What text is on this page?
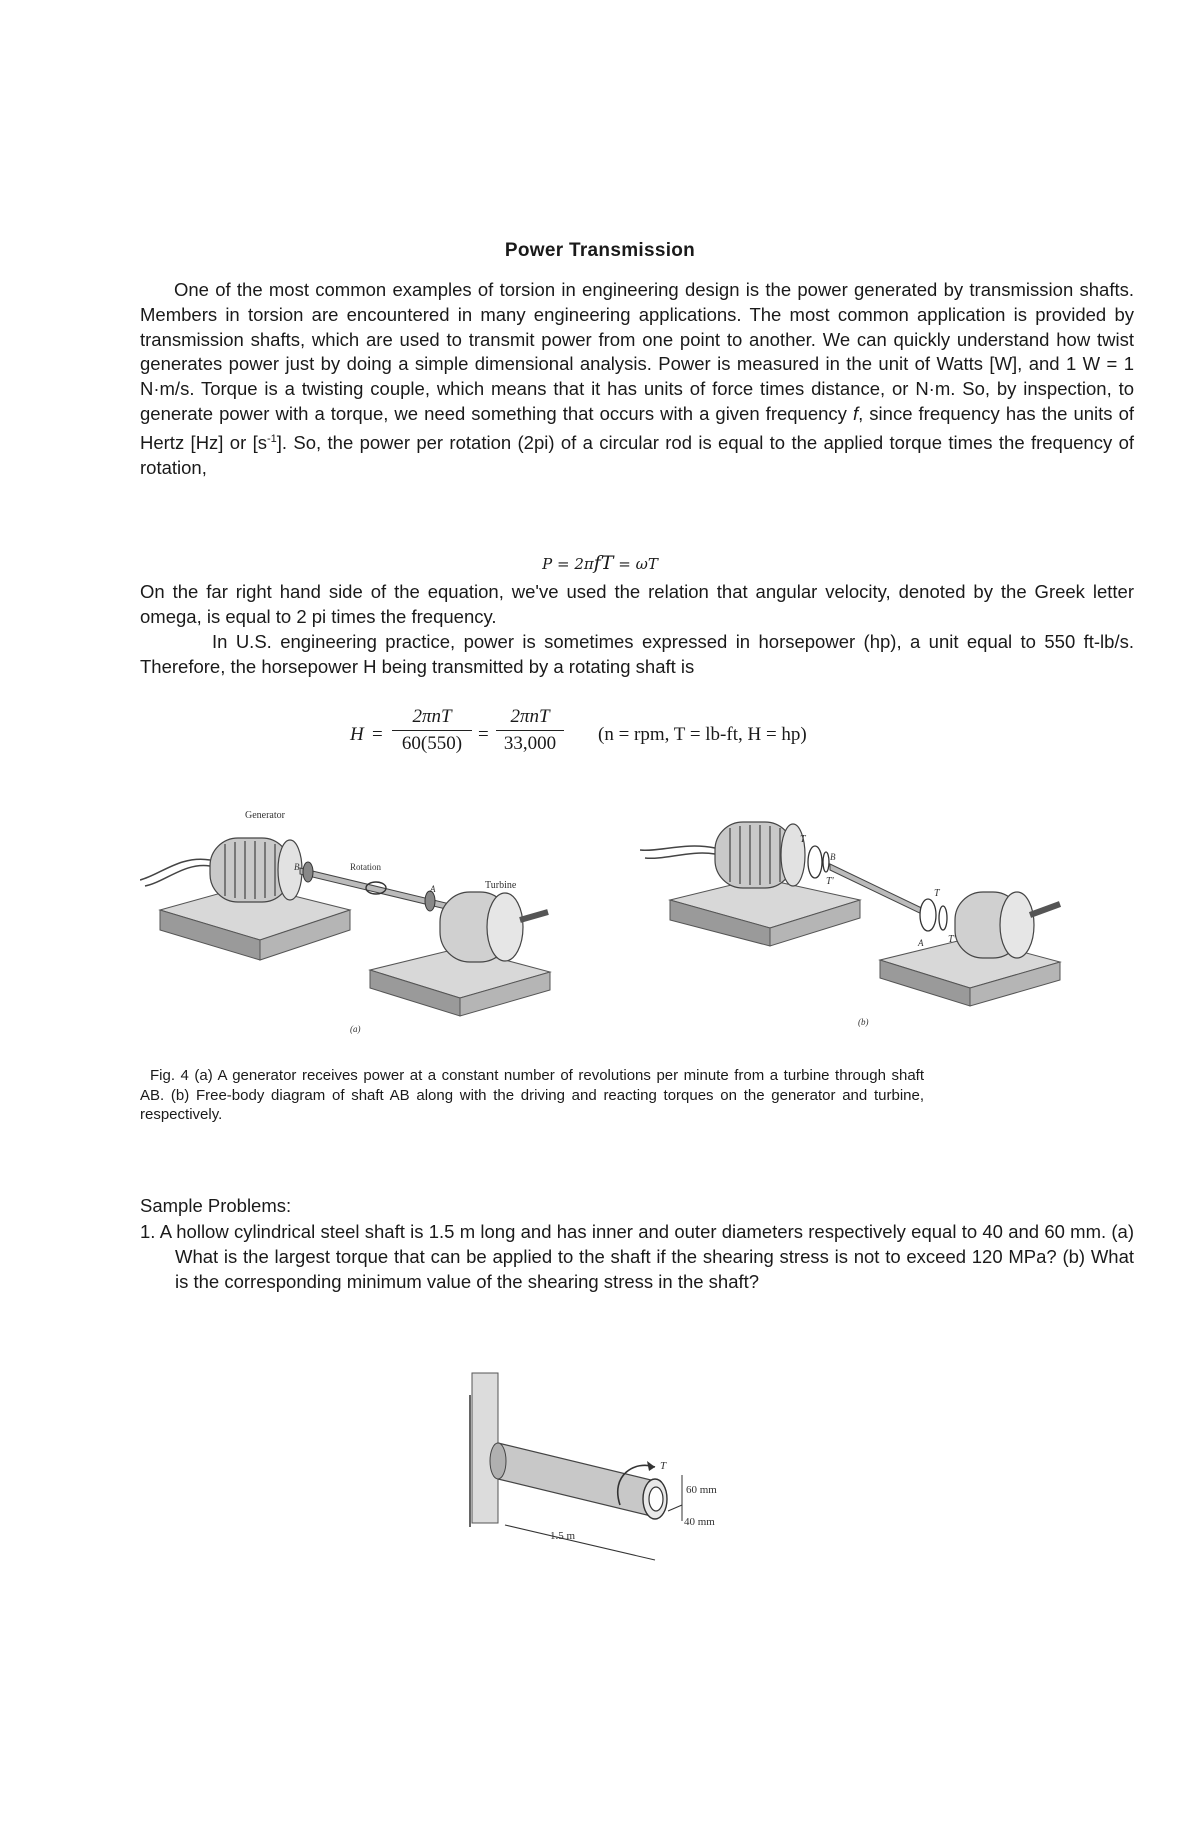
Power Transmission
One of the most common examples of torsion in engineering design is the power generated by transmission shafts. Members in torsion are encountered in many engineering applications. The most common application is provided by transmission shafts, which are used to transmit power from one point to another. We can quickly understand how twist generates power just by doing a simple dimensional analysis. Power is measured in the unit of Watts [W], and 1 W = 1 N·m/s. Torque is a twisting couple, which means that it has units of force times distance, or N·m. So, by inspection, to generate power with a torque, we need something that occurs with a given frequency f, since frequency has the units of Hertz [Hz] or $[s^{-1}]$. So, the power per rotation (2pi) of a circular rod is equal to the applied torque times the frequency of rotation,
P = 2πfT = ωT
On the far right hand side of the equation, we've used the relation that angular velocity, denoted by the Greek letter omega, is equal to 2 pi times the frequency.
In U.S. engineering practice, power is sometimes expressed in horsepower (hp), a unit equal to 550 ft-lb/s. Therefore, the horsepower H being transmitted by a rotating shaft is
H =
2πnT
60(550) =
2πnT
33,000	(n = rpm, T = lb-ft, H = hp)
Generator
Rotation
Turbine
B
A
(a)
T
T'
B
T
A T'
(b)
Fig. 4 (a) A generator receives power at a constant number of revolutions per minute from a turbine through shaft AB. (b) Free-body diagram of shaft AB along with the driving and reacting torques on the generator and turbine, respectively.
Sample Problems:
1. A hollow cylindrical steel shaft is 1.5 m long and has inner and outer diameters respectively equal to 40 and 60 mm. (a) What is the largest torque that can be applied to the shaft if the shearing stress is not to exceed 120 MPa? (b) What is the corresponding minimum value of the shearing stress in the shaft?
T
60 mm
40 mm
1.5 m
